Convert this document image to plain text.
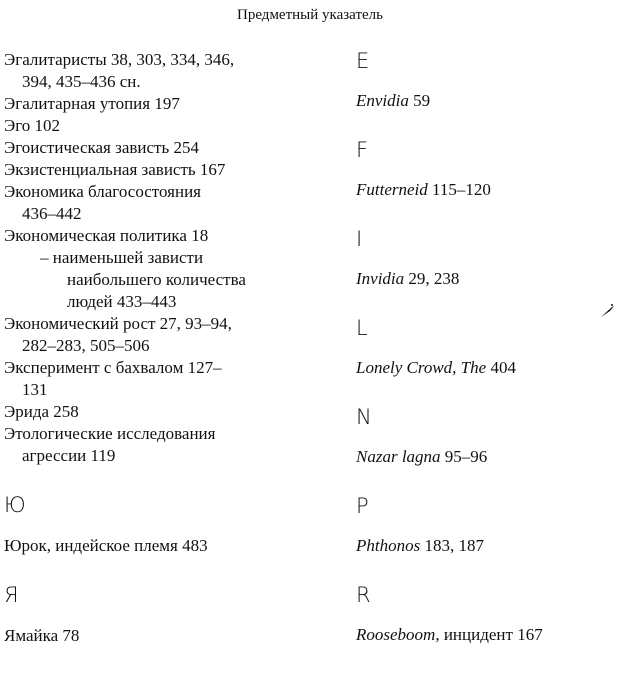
Предметный указатель
Эгалитаристы 38, 303, 334, 346,
394, 435–436 сн.
Эгалитарная утопия 197
Эго 102
Эгоистическая зависть 254
Экзистенциальная зависть 167
Экономика благосостояния
436–442
Экономическая политика 18
– наименьшей зависти
наибольшего количества
людей 433–443
Экономический рост 27, 93–94,
282–283, 505–506
Эксперимент с бахвалом 127–
131
Эрида 258
Этологические исследования
агрессии 119
Ю
Юрок, индейское племя 483
Я
Ямайка 78
E
Envidia 59
F
Futterneid 115–120
I
Invidia 29, 238
L
Lonely Crowd, The 404
N
Nazar lagna 95–96
P
Phthonos 183, 187
R
Rooseboom, инцидент 167
